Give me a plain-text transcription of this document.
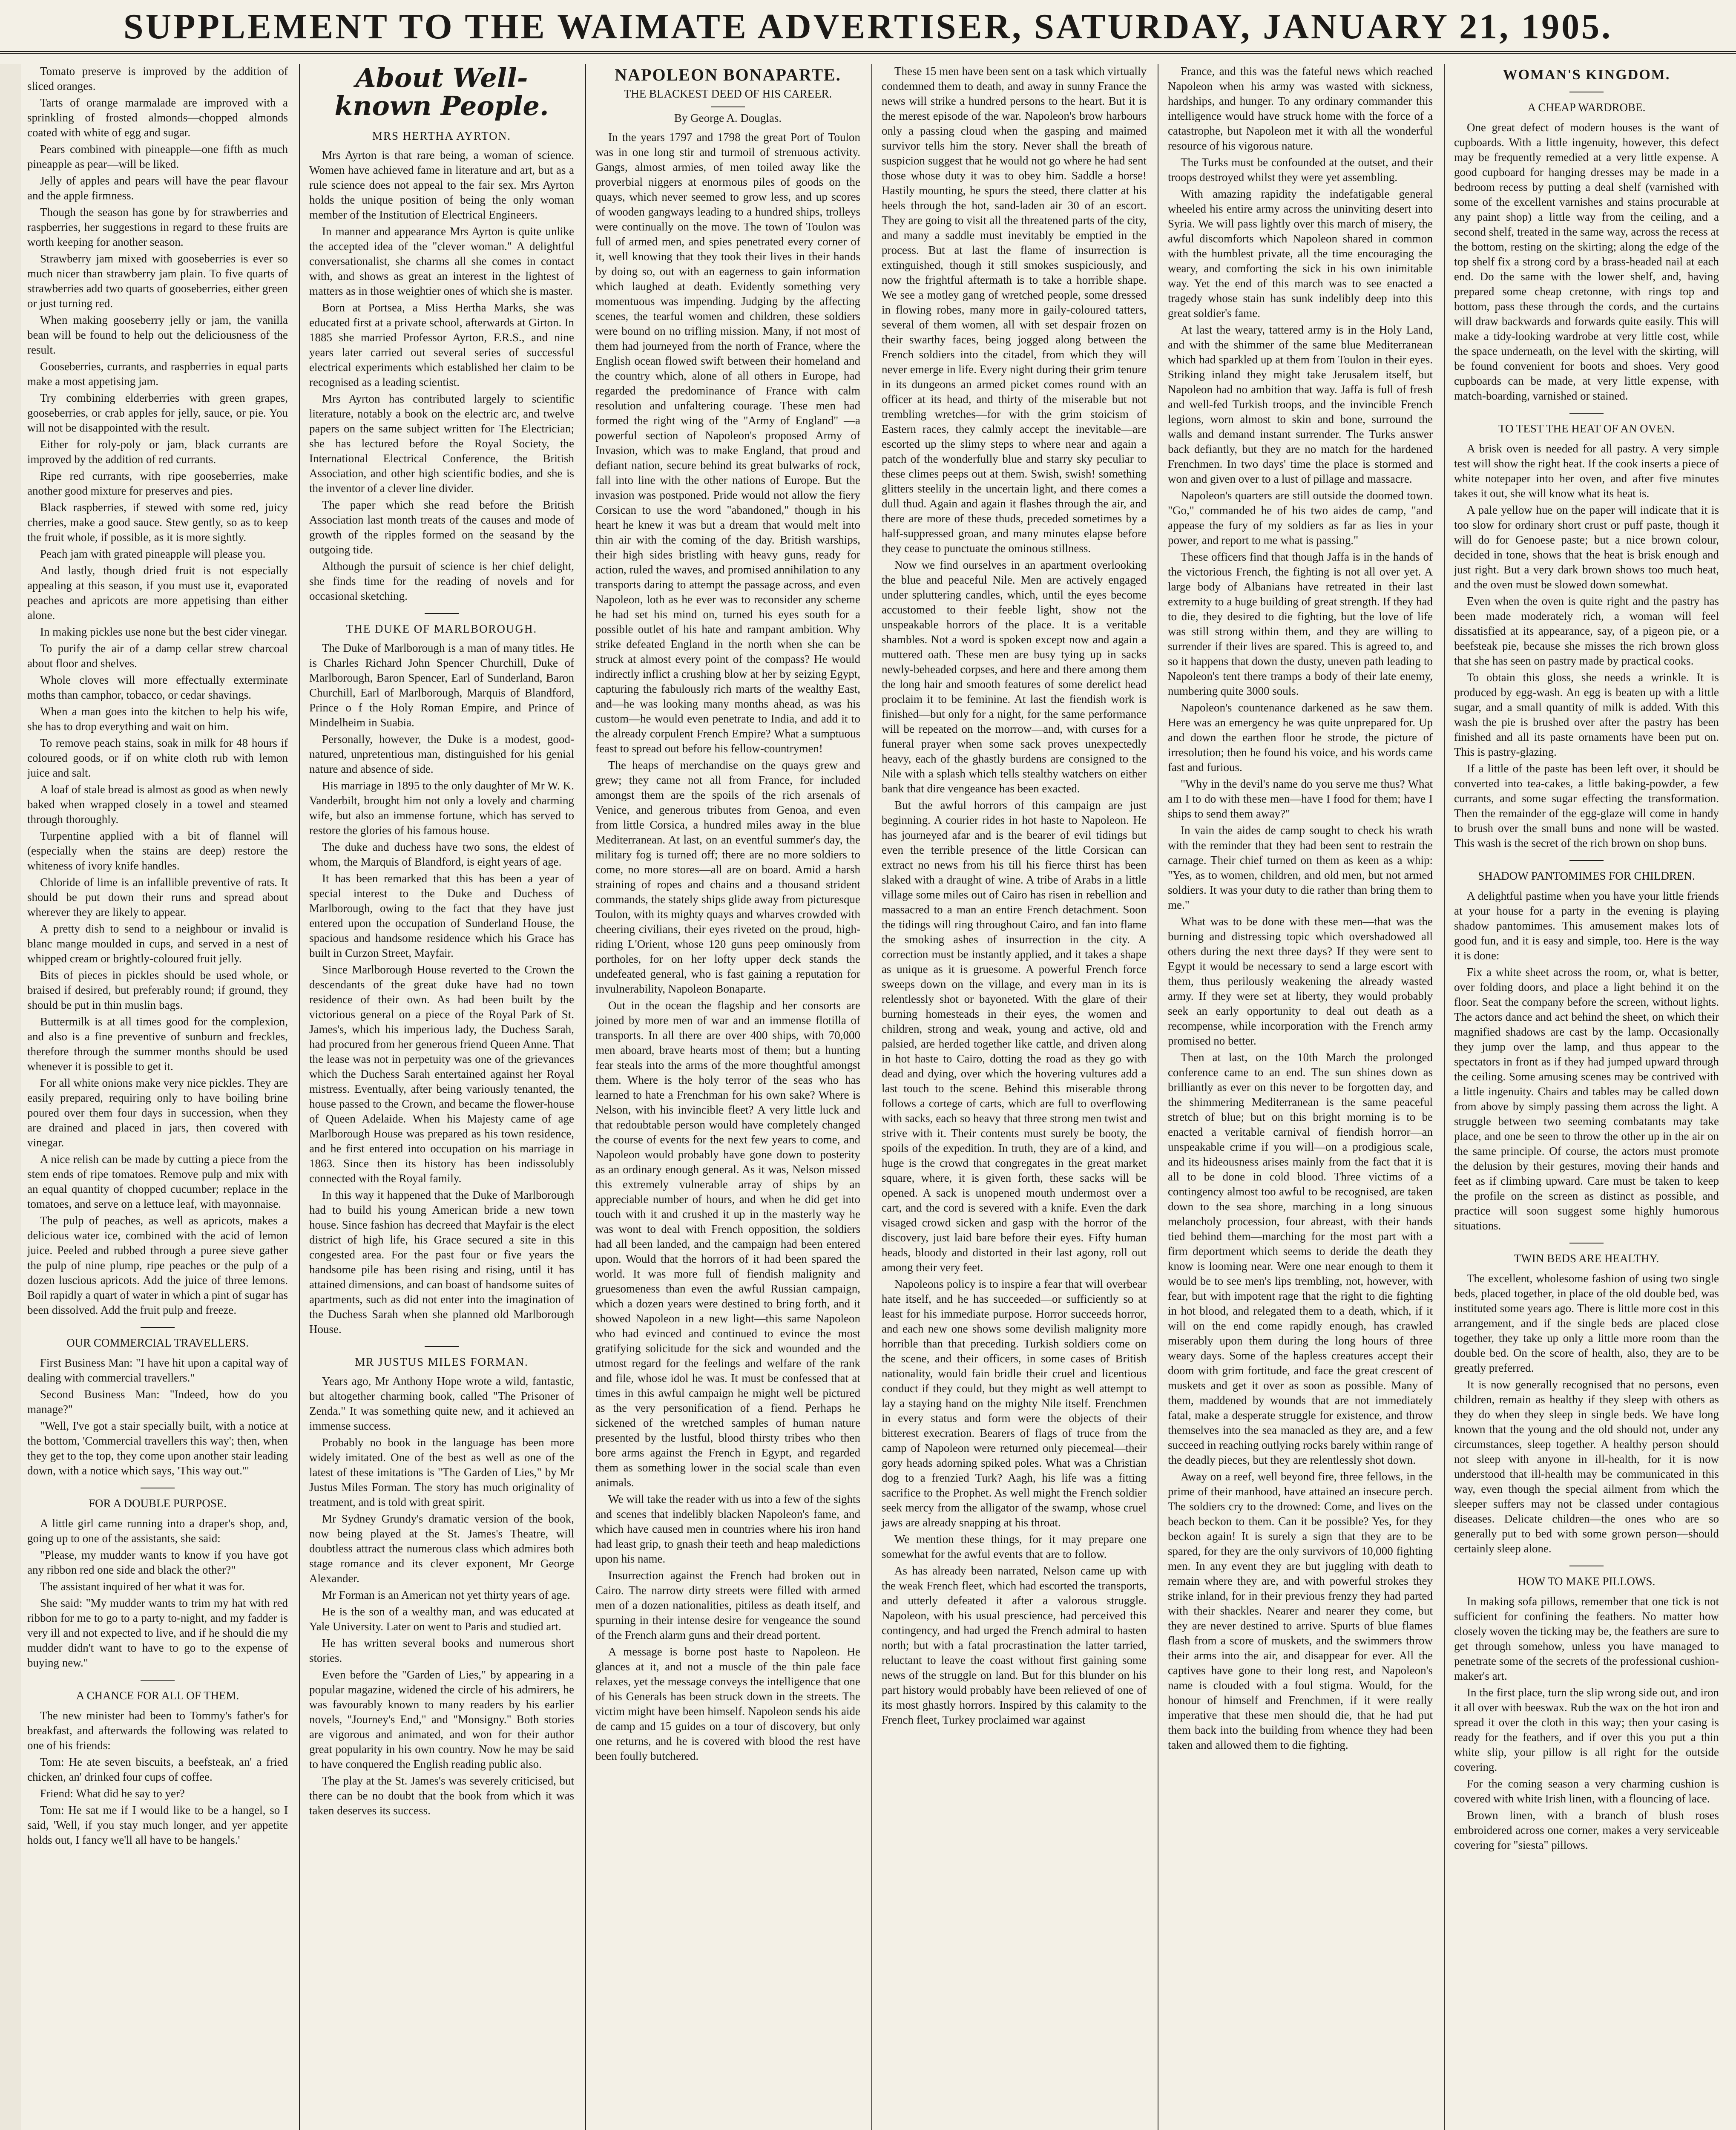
SUPPLEMENT TO THE WAIMATE ADVERTISER, SATURDAY, JANUARY 21, 1905.

Tomato preserve is improved by the addition of sliced oranges.

Tarts of orange marmalade are improved with a sprinkling of frosted almonds—chopped almonds coated with white of egg and sugar.

Pears combined with pineapple—one fifth as much pineapple as pear—will be liked.

Jelly of apples and pears will have the pear flavour and the apple firmness.

Though the season has gone by for strawberries and raspberries, her suggestions in regard to these fruits are worth keeping for another season.

Strawberry jam mixed with gooseberries is ever so much nicer than strawberry jam plain. To five quarts of strawberries add two quarts of gooseberries, either green or just turning red.

When making gooseberry jelly or jam, the vanilla bean will be found to help out the deliciousness of the result.

Gooseberries, currants, and raspberries in equal parts make a most appetising jam.

Try combining elderberries with green grapes, gooseberries, or crab apples for jelly, sauce, or pie. You will not be disappointed with the result.

Either for roly-poly or jam, black currants are improved by the addition of red currants.

Ripe red currants, with ripe gooseberries, make another good mixture for preserves and pies.

Black raspberries, if stewed with some red, juicy cherries, make a good sauce. Stew gently, so as to keep the fruit whole, if possible, as it is more sightly.

Peach jam with grated pineapple will please you.

And lastly, though dried fruit is not especially appealing at this season, if you must use it, evaporated peaches and apricots are more appetising than either alone.

In making pickles use none but the best cider vinegar.

To purify the air of a damp cellar strew charcoal about floor and shelves.

Whole cloves will more effectually exterminate moths than camphor, tobacco, or cedar shavings.

When a man goes into the kitchen to help his wife, she has to drop everything and wait on him.

To remove peach stains, soak in milk for 48 hours if coloured goods, or if on white cloth rub with lemon juice and salt.

A loaf of stale bread is almost as good as when newly baked when wrapped closely in a towel and steamed through thoroughly.

Turpentine applied with a bit of flannel will (especially when the stains are deep) restore the whiteness of ivory knife handles.

Chloride of lime is an infallible preventive of rats. It should be put down their runs and spread about wherever they are likely to appear.

A pretty dish to send to a neighbour or invalid is blanc mange moulded in cups, and served in a nest of whipped cream or brightly-coloured fruit jelly.

Bits of pieces in pickles should be used whole, or braised if desired, but preferably round; if ground, they should be put in thin muslin bags.

Buttermilk is at all times good for the complexion, and also is a fine preventive of sunburn and freckles, therefore through the summer months should be used whenever it is possible to get it.

For all white onions make very nice pickles. They are easily prepared, requiring only to have boiling brine poured over them four days in succession, when they are drained and placed in jars, then covered with vinegar.

A nice relish can be made by cutting a piece from the stem ends of ripe tomatoes. Remove pulp and mix with an equal quantity of chopped cucumber; replace in the tomatoes, and serve on a lettuce leaf, with mayonnaise.

The pulp of peaches, as well as apricots, makes a delicious water ice, combined with the acid of lemon juice. Peeled and rubbed through a puree sieve gather the pulp of nine plump, ripe peaches or the pulp of a dozen luscious apricots. Add the juice of three lemons. Boil rapidly a quart of water in which a pint of sugar has been dissolved. Add the fruit pulp and freeze.

OUR COMMERCIAL TRAVELLERS.

First Business Man: "I have hit upon a capital way of dealing with commercial travellers."

Second Business Man: "Indeed, how do you manage?"

"Well, I've got a stair specially built, with a notice at the bottom, 'Commercial travellers this way'; then, when they get to the top, they come upon another stair leading down, with a notice which says, 'This way out.'"

FOR A DOUBLE PURPOSE.

A little girl came running into a draper's shop, and, going up to one of the assistants, she said:

"Please, my mudder wants to know if you have got any ribbon red one side and black the other?"

The assistant inquired of her what it was for.

She said: "My mudder wants to trim my hat with red ribbon for me to go to a party to-night, and my fadder is very ill and not expected to live, and if he should die my mudder didn't want to have to go to the expense of buying new."

A CHANCE FOR ALL OF THEM.

The new minister had been to Tommy's father's for breakfast, and afterwards the following was related to one of his friends:

Tom: He ate seven biscuits, a beefsteak, an' a fried chicken, an' drinked four cups of coffee.

Friend: What did he say to yer?

Tom: He sat me if I would like to be a hangel, so I said, 'Well, if you stay much longer, and yer appetite holds out, I fancy we'll all have to be hangels.'

About Well-known People.
MRS HERTHA AYRTON.

Mrs Ayrton is that rare being, a woman of science. Women have achieved fame in literature and art, but as a rule science does not appeal to the fair sex. Mrs Ayrton holds the unique position of being the only woman member of the Institution of Electrical Engineers.

In manner and appearance Mrs Ayrton is quite unlike the accepted idea of the "clever woman." A delightful conversationalist, she charms all she comes in contact with, and shows as great an interest in the lightest of matters as in those weightier ones of which she is master.

Born at Portsea, a Miss Hertha Marks, she was educated first at a private school, afterwards at Girton. In 1885 she married Professor Ayrton, F.R.S., and nine years later carried out several series of successful electrical experiments which established her claim to be recognised as a leading scientist.

Mrs Ayrton has contributed largely to scientific literature, notably a book on the electric arc, and twelve papers on the same subject written for The Electrician; she has lectured before the Royal Society, the International Electrical Conference, the British Association, and other high scientific bodies, and she is the inventor of a clever line divider.

The paper which she read before the British Association last month treats of the causes and mode of growth of the ripples formed on the seasand by the outgoing tide.

Although the pursuit of science is her chief delight, she finds time for the reading of novels and for occasional sketching.

THE DUKE OF MARLBOROUGH.

The Duke of Marlborough is a man of many titles. He is Charles Richard John Spencer Churchill, Duke of Marlborough, Baron Spencer, Earl of Sunderland, Baron Churchill, Earl of Marlborough, Marquis of Blandford, Prince o f the Holy Roman Empire, and Prince of Mindelheim in Suabia.

Personally, however, the Duke is a modest, good-natured, unpretentious man, distinguished for his genial nature and absence of side.

His marriage in 1895 to the only daughter of Mr W. K. Vanderbilt, brought him not only a lovely and charming wife, but also an immense fortune, which has served to restore the glories of his famous house.

The duke and duchess have two sons, the eldest of whom, the Marquis of Blandford, is eight years of age.

It has been remarked that this has been a year of special interest to the Duke and Duchess of Marlborough, owing to the fact that they have just entered upon the occupation of Sunderland House, the spacious and handsome residence which his Grace has built in Curzon Street, Mayfair.

Since Marlborough House reverted to the Crown the descendants of the great duke have had no town residence of their own. As had been built by the victorious general on a piece of the Royal Park of St. James's, which his imperious lady, the Duchess Sarah, had procured from her generous friend Queen Anne. That the lease was not in perpetuity was one of the grievances which the Duchess Sarah entertained against her Royal mistress. Eventually, after being variously tenanted, the house passed to the Crown, and became the flower-house of Queen Adelaide. When his Majesty came of age Marlborough House was prepared as his town residence, and he first entered into occupation on his marriage in 1863. Since then its history has been indissolubly connected with the Royal family.

In this way it happened that the Duke of Marlborough had to build his young American bride a new town house. Since fashion has decreed that Mayfair is the elect district of high life, his Grace secured a site in this congested area. For the past four or five years the handsome pile has been rising and rising, until it has attained dimensions, and can boast of handsome suites of apartments, such as did not enter into the imagination of the Duchess Sarah when she planned old Marlborough House.

MR JUSTUS MILES FORMAN.

Years ago, Mr Anthony Hope wrote a wild, fantastic, but altogether charming book, called "The Prisoner of Zenda." It was something quite new, and it achieved an immense success.

Probably no book in the language has been more widely imitated. One of the best as well as one of the latest of these imitations is "The Garden of Lies," by Mr Justus Miles Forman. The story has much originality of treatment, and is told with great spirit.

Mr Sydney Grundy's dramatic version of the book, now being played at the St. James's Theatre, will doubtless attract the numerous class which admires both stage romance and its clever exponent, Mr George Alexander.

Mr Forman is an American not yet thirty years of age.

He is the son of a wealthy man, and was educated at Yale University. Later on went to Paris and studied art.

He has written several books and numerous short stories.

Even before the "Garden of Lies," by appearing in a popular magazine, widened the circle of his admirers, he was favourably known to many readers by his earlier novels, "Journey's End," and "Monsigny." Both stories are vigorous and animated, and won for their author great popularity in his own country. Now he may be said to have conquered the English reading public also.

The play at the St. James's was severely criticised, but there can be no doubt that the book from which it was taken deserves its success.

NAPOLEON BONAPARTE.
THE BLACKEST DEED OF HIS CAREER.
By George A. Douglas.

In the years 1797 and 1798 the great Port of Toulon was in one long stir and turmoil of strenuous activity. Gangs, almost armies, of men toiled away like the proverbial niggers at enormous piles of goods on the quays, which never seemed to grow less, and up scores of wooden gangways leading to a hundred ships, trolleys were continually on the move. The town of Toulon was full of armed men, and spies penetrated every corner of it, well knowing that they took their lives in their hands by doing so, out with an eagerness to gain information which laughed at death. Evidently something very momentuous was impending. Judging by the affecting scenes, the tearful women and children, these soldiers were bound on no trifling mission. Many, if not most of them had journeyed from the north of France, where the English ocean flowed swift between their homeland and the country which, alone of all others in Europe, had regarded the predominance of France with calm resolution and unfaltering courage. These men had formed the right wing of the "Army of England" —a powerful section of Napoleon's proposed Army of Invasion, which was to make England, that proud and defiant nation, secure behind its great bulwarks of rock, fall into line with the other nations of Europe. But the invasion was postponed. Pride would not allow the fiery Corsican to use the word "abandoned," though in his heart he knew it was but a dream that would melt into thin air with the coming of the day. British warships, their high sides bristling with heavy guns, ready for action, ruled the waves, and promised annihilation to any transports daring to attempt the passage across, and even Napoleon, loth as he ever was to reconsider any scheme he had set his mind on, turned his eyes south for a possible outlet of his hate and rampant ambition. Why strike defeated England in the north when she can be struck at almost every point of the compass? He would indirectly inflict a crushing blow at her by seizing Egypt, capturing the fabulously rich marts of the wealthy East, and—he was looking many months ahead, as was his custom—he would even penetrate to India, and add it to the already corpulent French Empire? What a sumptuous feast to spread out before his fellow-countrymen!

The heaps of merchandise on the quays grew and grew; they came not all from France, for included amongst them are the spoils of the rich arsenals of Venice, and generous tributes from Genoa, and even from little Corsica, a hundred miles away in the blue Mediterranean. At last, on an eventful summer's day, the military fog is turned off; there are no more soldiers to come, no more stores—all are on board. Amid a harsh straining of ropes and chains and a thousand strident commands, the stately ships glide away from picturesque Toulon, with its mighty quays and wharves crowded with cheering civilians, their eyes riveted on the proud, high-riding L'Orient, whose 120 guns peep ominously from portholes, for on her lofty upper deck stands the undefeated general, who is fast gaining a reputation for invulnerability, Napoleon Bonaparte.

Out in the ocean the flagship and her consorts are joined by more men of war and an immense flotilla of transports. In all there are over 400 ships, with 70,000 men aboard, brave hearts most of them; but a hunting fear steals into the arms of the more thoughtful amongst them. Where is the holy terror of the seas who has learned to hate a Frenchman for his own sake? Where is Nelson, with his invincible fleet? A very little luck and that redoubtable person would have completely changed the course of events for the next few years to come, and Napoleon would probably have gone down to posterity as an ordinary enough general. As it was, Nelson missed this extremely vulnerable array of ships by an appreciable number of hours, and when he did get into touch with it and crushed it up in the masterly way he was wont to deal with French opposition, the soldiers had all been landed, and the campaign had been entered upon. Would that the horrors of it had been spared the world. It was more full of fiendish malignity and gruesomeness than even the awful Russian campaign, which a dozen years were destined to bring forth, and it showed Napoleon in a new light—this same Napoleon who had evinced and continued to evince the most gratifying solicitude for the sick and wounded and the utmost regard for the feelings and welfare of the rank and file, whose idol he was. It must be confessed that at times in this awful campaign he might well be pictured as the very personification of a fiend. Perhaps he sickened of the wretched samples of human nature presented by the lustful, blood thirsty tribes who then bore arms against the French in Egypt, and regarded them as something lower in the social scale than even animals.

We will take the reader with us into a few of the sights and scenes that indelibly blacken Napoleon's fame, and which have caused men in countries where his iron hand had least grip, to gnash their teeth and heap maledictions upon his name.

Insurrection against the French had broken out in Cairo. The narrow dirty streets were filled with armed men of a dozen nationalities, pitiless as death itself, and spurning in their intense desire for vengeance the sound of the French alarm guns and their dread portent.

A message is borne post haste to Napoleon. He glances at it, and not a muscle of the thin pale face relaxes, yet the message conveys the intelligence that one of his Generals has been struck down in the streets. The victim might have been himself. Napoleon sends his aide de camp and 15 guides on a tour of discovery, but only one returns, and he is covered with blood the rest have been foully butchered.

These 15 men have been sent on a task which virtually condemned them to death, and away in sunny France the news will strike a hundred persons to the heart. But it is the merest episode of the war. Napoleon's brow harbours only a passing cloud when the gasping and maimed survivor tells him the story. Never shall the breath of suspicion suggest that he would not go where he had sent those whose duty it was to obey him. Saddle a horse! Hastily mounting, he spurs the steed, there clatter at his heels through the hot, sand-laden air 30 of an escort. They are going to visit all the threatened parts of the city, and many a saddle must inevitably be emptied in the process. But at last the flame of insurrection is extinguished, though it still smokes suspiciously, and now the frightful aftermath is to take a horrible shape. We see a motley gang of wretched people, some dressed in flowing robes, many more in gaily-coloured tatters, several of them women, all with set despair frozen on their swarthy faces, being jogged along between the French soldiers into the citadel, from which they will never emerge in life. Every night during their grim tenure in its dungeons an armed picket comes round with an officer at its head, and thirty of the miserable but not trembling wretches—for with the grim stoicism of Eastern races, they calmly accept the inevitable—are escorted up the slimy steps to where near and again a patch of the wonderfully blue and starry sky peculiar to these climes peeps out at them. Swish, swish! something glitters steelily in the uncertain light, and there comes a dull thud. Again and again it flashes through the air, and there are more of these thuds, preceded sometimes by a half-suppressed groan, and many minutes elapse before they cease to punctuate the ominous stillness.

Now we find ourselves in an apartment overlooking the blue and peaceful Nile. Men are actively engaged under spluttering candles, which, until the eyes become accustomed to their feeble light, show not the unspeakable horrors of the place. It is a veritable shambles. Not a word is spoken except now and again a muttered oath. These men are busy tying up in sacks newly-beheaded corpses, and here and there among them the long hair and smooth features of some derelict head proclaim it to be feminine. At last the fiendish work is finished—but only for a night, for the same performance will be repeated on the morrow—and, with curses for a funeral prayer when some sack proves unexpectedly heavy, each of the ghastly burdens are consigned to the Nile with a splash which tells stealthy watchers on either bank that dire vengeance has been exacted.

But the awful horrors of this campaign are just beginning. A courier rides in hot haste to Napoleon. He has journeyed afar and is the bearer of evil tidings but even the terrible presence of the little Corsican can extract no news from his till his fierce thirst has been slaked with a draught of wine. A tribe of Arabs in a little village some miles out of Cairo has risen in rebellion and massacred to a man an entire French detachment. Soon the tidings will ring throughout Cairo, and fan into flame the smoking ashes of insurrection in the city. A correction must be instantly applied, and it takes a shape as unique as it is gruesome. A powerful French force sweeps down on the village, and every man in its is relentlessly shot or bayoneted. With the glare of their burning homesteads in their eyes, the women and children, strong and weak, young and active, old and palsied, are herded together like cattle, and driven along in hot haste to Cairo, dotting the road as they go with dead and dying, over which the hovering vultures add a last touch to the scene. Behind this miserable throng follows a cortege of carts, which are full to overflowing with sacks, each so heavy that three strong men twist and strive with it. Their contents must surely be booty, the spoils of the expedition. In truth, they are of a kind, and huge is the crowd that congregates in the great market square, where, it is given forth, these sacks will be opened. A sack is unopened mouth undermost over a cart, and the cord is severed with a knife. Even the dark visaged crowd sicken and gasp with the horror of the discovery, just laid bare before their eyes. Fifty human heads, bloody and distorted in their last agony, roll out among their very feet.

Napoleons policy is to inspire a fear that will overbear hate itself, and he has succeeded—or sufficiently so at least for his immediate purpose. Horror succeeds horror, and each new one shows some devilish malignity more horrible than that preceding. Turkish soldiers come on the scene, and their officers, in some cases of British nationality, would fain bridle their cruel and licentious conduct if they could, but they might as well attempt to lay a staying hand on the mighty Nile itself. Frenchmen in every status and form were the objects of their bitterest execration. Bearers of flags of truce from the camp of Napoleon were returned only piecemeal—their gory heads adorning spiked poles. What was a Christian dog to a frenzied Turk? Aagh, his life was a fitting sacrifice to the Prophet. As well might the French soldier seek mercy from the alligator of the swamp, whose cruel jaws are already snapping at his throat.

We mention these things, for it may prepare one somewhat for the awful events that are to follow.

As has already been narrated, Nelson came up with the weak French fleet, which had escorted the transports, and utterly defeated it after a valorous struggle. Napoleon, with his usual prescience, had perceived this contingency, and had urged the French admiral to hasten north; but with a fatal procrastination the latter tarried, reluctant to leave the coast without first gaining some news of the struggle on land. But for this blunder on his part history would probably have been relieved of one of its most ghastly horrors. Inspired by this calamity to the French fleet, Turkey proclaimed war against

France, and this was the fateful news which reached Napoleon when his army was wasted with sickness, hardships, and hunger. To any ordinary commander this intelligence would have struck home with the force of a catastrophe, but Napoleon met it with all the wonderful resource of his vigorous nature.

The Turks must be confounded at the outset, and their troops destroyed whilst they were yet assembling.

With amazing rapidity the indefatigable general wheeled his entire army across the uninviting desert into Syria. We will pass lightly over this march of misery, the awful discomforts which Napoleon shared in common with the humblest private, all the time encouraging the weary, and comforting the sick in his own inimitable way. Yet the end of this march was to see enacted a tragedy whose stain has sunk indelibly deep into this great soldier's fame.

At last the weary, tattered army is in the Holy Land, and with the shimmer of the same blue Mediterranean which had sparkled up at them from Toulon in their eyes. Striking inland they might take Jerusalem itself, but Napoleon had no ambition that way. Jaffa is full of fresh and well-fed Turkish troops, and the invincible French legions, worn almost to skin and bone, surround the walls and demand instant surrender. The Turks answer back defiantly, but they are no match for the hardened Frenchmen. In two days' time the place is stormed and won and given over to a lust of pillage and massacre.

Napoleon's quarters are still outside the doomed town. "Go," commanded he of his two aides de camp, "and appease the fury of my soldiers as far as lies in your power, and report to me what is passing."

These officers find that though Jaffa is in the hands of the victorious French, the fighting is not all over yet. A large body of Albanians have retreated in their last extremity to a huge building of great strength. If they had to die, they desired to die fighting, but the love of life was still strong within them, and they are willing to surrender if their lives are spared. This is agreed to, and so it happens that down the dusty, uneven path leading to Napoleon's tent there tramps a body of their late enemy, numbering quite 3000 souls.

Napoleon's countenance darkened as he saw them. Here was an emergency he was quite unprepared for. Up and down the earthen floor he strode, the picture of irresolution; then he found his voice, and his words came fast and furious.

"Why in the devil's name do you serve me thus? What am I to do with these men—have I food for them; have I ships to send them away?"

In vain the aides de camp sought to check his wrath with the reminder that they had been sent to restrain the carnage. Their chief turned on them as keen as a whip: "Yes, as to women, children, and old men, but not armed soldiers. It was your duty to die rather than bring them to me."

What was to be done with these men—that was the burning and distressing topic which overshadowed all others during the next three days? If they were sent to Egypt it would be necessary to send a large escort with them, thus perilously weakening the already wasted army. If they were set at liberty, they would probably seek an early opportunity to deal out death as a recompense, while incorporation with the French army promised no better.

Then at last, on the 10th March the prolonged conference came to an end. The sun shines down as brilliantly as ever on this never to be forgotten day, and the shimmering Mediterranean is the same peaceful stretch of blue; but on this bright morning is to be enacted a veritable carnival of fiendish horror—an unspeakable crime if you will—on a prodigious scale, and its hideousness arises mainly from the fact that it is all to be done in cold blood. Three victims of a contingency almost too awful to be recognised, are taken down to the sea shore, marching in a long sinuous melancholy procession, four abreast, with their hands tied behind them—marching for the most part with a firm deportment which seems to deride the death they know is looming near. Were one near enough to them it would be to see men's lips trembling, not, however, with fear, but with impotent rage that the right to die fighting in hot blood, and relegated them to a death, which, if it will on the end come rapidly enough, has crawled miserably upon them during the long hours of three weary days. Some of the hapless creatures accept their doom with grim fortitude, and face the great crescent of muskets and get it over as soon as possible. Many of them, maddened by wounds that are not immediately fatal, make a desperate struggle for existence, and throw themselves into the sea manacled as they are, and a few succeed in reaching outlying rocks barely within range of the deadly pieces, but they are relentlessly shot down.

Away on a reef, well beyond fire, three fellows, in the prime of their manhood, have attained an insecure perch. The soldiers cry to the drowned: Come, and lives on the beach beckon to them. Can it be possible? Yes, for they beckon again! It is surely a sign that they are to be spared, for they are the only survivors of 10,000 fighting men. In any event they are but juggling with death to remain where they are, and with powerful strokes they strike inland, for in their previous frenzy they had parted with their shackles. Nearer and nearer they come, but they are never destined to arrive. Spurts of blue flames flash from a score of muskets, and the swimmers throw their arms into the air, and disappear for ever. All the captives have gone to their long rest, and Napoleon's name is clouded with a foul stigma. Would, for the honour of himself and Frenchmen, if it were really imperative that these men should die, that he had put them back into the building from whence they had been taken and allowed them to die fighting.

WOMAN'S KINGDOM.
A CHEAP WARDROBE.

One great defect of modern houses is the want of cupboards. With a little ingenuity, however, this defect may be frequently remedied at a very little expense. A good cupboard for hanging dresses may be made in a bedroom recess by putting a deal shelf (varnished with some of the excellent varnishes and stains procurable at any paint shop) a little way from the ceiling, and a second shelf, treated in the same way, across the recess at the bottom, resting on the skirting; along the edge of the top shelf fix a strong cord by a brass-headed nail at each end. Do the same with the lower shelf, and, having prepared some cheap cretonne, with rings top and bottom, pass these through the cords, and the curtains will draw backwards and forwards quite easily. This will make a tidy-looking wardrobe at very little cost, while the space underneath, on the level with the skirting, will be found convenient for boots and shoes. Very good cupboards can be made, at very little expense, with match-boarding, varnished or stained.

TO TEST THE HEAT OF AN OVEN.

A brisk oven is needed for all pastry. A very simple test will show the right heat. If the cook inserts a piece of white notepaper into her oven, and after five minutes takes it out, she will know what its heat is.

A pale yellow hue on the paper will indicate that it is too slow for ordinary short crust or puff paste, though it will do for Genoese paste; but a nice brown colour, decided in tone, shows that the heat is brisk enough and just right. But a very dark brown shows too much heat, and the oven must be slowed down somewhat.

Even when the oven is quite right and the pastry has been made moderately rich, a woman will feel dissatisfied at its appearance, say, of a pigeon pie, or a beefsteak pie, because she misses the rich brown gloss that she has seen on pastry made by practical cooks.

To obtain this gloss, she needs a wrinkle. It is produced by egg-wash. An egg is beaten up with a little sugar, and a small quantity of milk is added. With this wash the pie is brushed over after the pastry has been finished and all its paste ornaments have been put on. This is pastry-glazing.

If a little of the paste has been left over, it should be converted into tea-cakes, a little baking-powder, a few currants, and some sugar effecting the transformation. Then the remainder of the egg-glaze will come in handy to brush over the small buns and none will be wasted. This wash is the secret of the rich brown on shop buns.

SHADOW PANTOMIMES FOR CHILDREN.

A delightful pastime when you have your little friends at your house for a party in the evening is playing shadow pantomimes. This amusement makes lots of good fun, and it is easy and simple, too. Here is the way it is done:

Fix a white sheet across the room, or, what is better, over folding doors, and place a light behind it on the floor. Seat the company before the screen, without lights. The actors dance and act behind the sheet, on which their magnified shadows are cast by the lamp. Occasionally they jump over the lamp, and thus appear to the spectators in front as if they had jumped upward through the ceiling. Some amusing scenes may be contrived with a little ingenuity. Chairs and tables may be called down from above by simply passing them across the light. A struggle between two seeming combatants may take place, and one be seen to throw the other up in the air on the same principle. Of course, the actors must promote the delusion by their gestures, moving their hands and feet as if climbing upward. Care must be taken to keep the profile on the screen as distinct as possible, and practice will soon suggest some highly humorous situations.

TWIN BEDS ARE HEALTHY.

The excellent, wholesome fashion of using two single beds, placed together, in place of the old double bed, was instituted some years ago. There is little more cost in this arrangement, and if the single beds are placed close together, they take up only a little more room than the double bed. On the score of health, also, they are to be greatly preferred.

It is now generally recognised that no persons, even children, remain as healthy if they sleep with others as they do when they sleep in single beds. We have long known that the young and the old should not, under any circumstances, sleep together. A healthy person should not sleep with anyone in ill-health, for it is now understood that ill-health may be communicated in this way, even though the special ailment from which the sleeper suffers may not be classed under contagious diseases. Delicate children—the ones who are so generally put to bed with some grown person—should certainly sleep alone.

HOW TO MAKE PILLOWS.

In making sofa pillows, remember that one tick is not sufficient for confining the feathers. No matter how closely woven the ticking may be, the feathers are sure to get through somehow, unless you have managed to penetrate some of the secrets of the professional cushion-maker's art.

In the first place, turn the slip wrong side out, and iron it all over with beeswax. Rub the wax on the hot iron and spread it over the cloth in this way; then your casing is ready for the feathers, and if over this you put a thin white slip, your pillow is all right for the outside covering.

For the coming season a very charming cushion is covered with white Irish linen, with a flouncing of lace.

Brown linen, with a branch of blush roses embroidered across one corner, makes a very serviceable covering for "siesta" pillows.
